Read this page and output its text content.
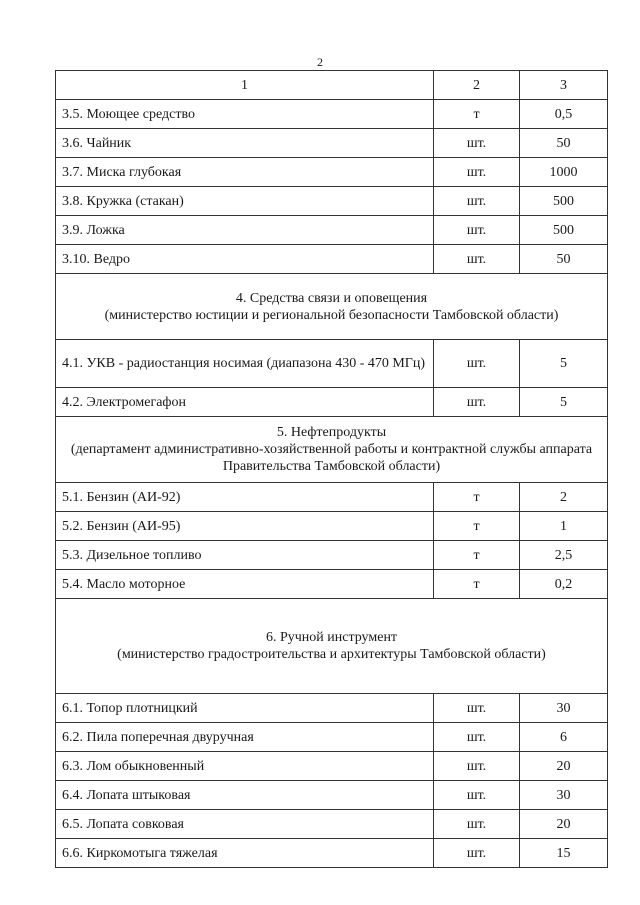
2
1	2	3
3.5. Моющее средство	т	0,5
3.6. Чайник	шт.	50
3.7. Миска глубокая	шт.	1000
3.8. Кружка (стакан)	шт.	500
3.9. Ложка	шт.	500
3.10. Ведро	шт.	50

4. Средства связи и оповещения
(министерство юстиции и региональной безопасности Тамбовской области)		

4.1. УКВ - радиостанция носимая (диапазона 430 - 470 МГц)	шт.	5
4.2. Электромегафон	шт.	5

5. Нефтепродукты
(департамент административно-хозяйственной работы и контрактной службы аппарата Правительства Тамбовской области)		

5.1. Бензин (АИ-92)	т	2
5.2. Бензин (АИ-95)	т	1
5.3. Дизельное топливо	т	2,5
5.4. Масло моторное	т	0,2

6. Ручной инструмент
(министерство градостроительства и архитектуры Тамбовской области)		

6.1. Топор плотницкий	шт.	30
6.2. Пила поперечная двуручная	шт.	6
6.3. Лом обыкновенный	шт.	20
6.4. Лопата штыковая	шт.	30
6.5. Лопата совковая	шт.	20
6.6. Киркомотыга тяжелая	шт.	15
